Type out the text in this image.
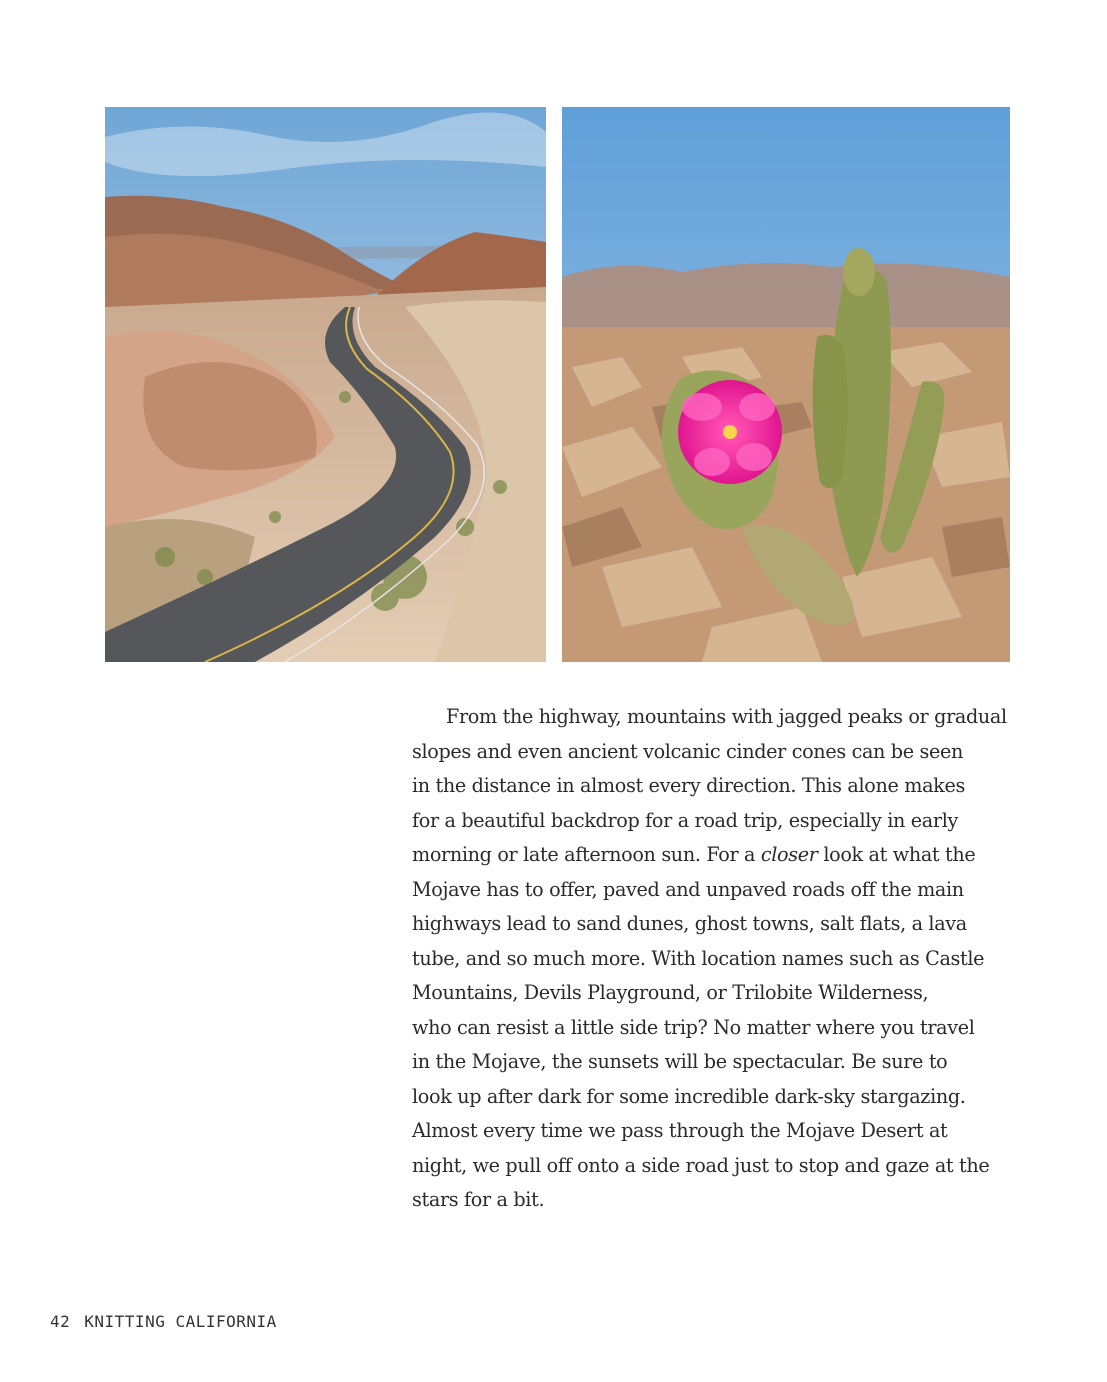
From the highway, mountains with jagged peaks or gradual
slopes and even ancient volcanic cinder cones can be seen
in the distance in almost every direction. This alone makes
for a beautiful backdrop for a road trip, especially in early
morning or late afternoon sun. For a closer look at what the
Mojave has to offer, paved and unpaved roads off the main
highways lead to sand dunes, ghost towns, salt flats, a lava
tube, and so much more. With location names such as Castle
Mountains, Devils Playground, or Trilobite Wilderness,
who can resist a little side trip? No matter where you travel
in the Mojave, the sunsets will be spectacular. Be sure to
look up after dark for some incredible dark-sky stargazing.
Almost every time we pass through the Mojave Desert at
night, we pull off onto a side road just to stop and gaze at the
stars for a bit.
42 KNITTING CALIFORNIA
